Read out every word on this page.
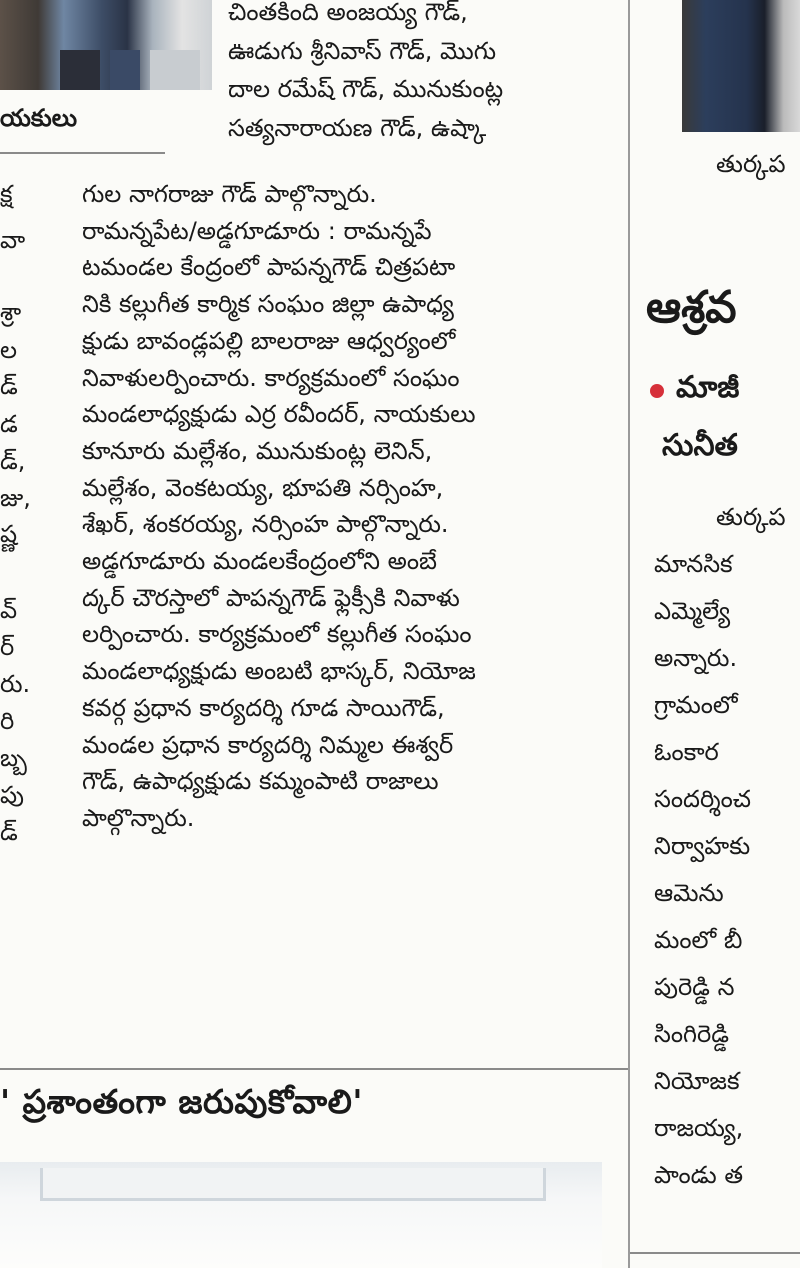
యకులు
క్ష
వా
శ్రా
ల
డ్
డ
డ్,
జు,
ష్ణ
వ్
ర్
రు.
రి
బ్బ
పు
డ్
చింతకింది అంజయ్య గౌడ్,
ఊడుగు శ్రీనివాస్ గౌడ్, మొగు
దాల రమేష్ గౌడ్, మునుకుంట్ల
సత్యనారాయణ గౌడ్, ఉష్కా
గుల నాగరాజు గౌడ్ పాల్గొన్నారు.
రామన్నపేట/అడ్డగూడూరు : రామన్నపే
టమండల కేంద్రంలో పాపన్నగౌడ్ చిత్రపటా
నికి కల్లుగీత కార్మిక సంఘం జిల్లా ఉపాధ్య
క్షుడు బావండ్లపల్లి బాలరాజు ఆధ్వర్యంలో
నివాళులర్పించారు. కార్యక్రమంలో సంఘం
మండలాధ్యక్షుడు ఎర్ర రవీందర్, నాయకులు
కూనూరు మల్లేశం, మునుకుంట్ల లెనిన్,
మల్లేశం, వెంకటయ్య, భూపతి నర్సింహ,
శేఖర్, శంకరయ్య, నర్సింహ పాల్గొన్నారు.
అడ్డగూడూరు మండలకేంద్రంలోని అంబే
ద్కర్ చౌరస్తాలో పాపన్నగౌడ్ ఫ్లెక్సీకి నివాళు
లర్పించారు. కార్యక్రమంలో కల్లుగీత సంఘం
మండలాధ్యక్షుడు అంబటి భాస్కర్, నియోజ
కవర్గ ప్రధాన కార్యదర్శి గూడ సాయిగౌడ్,
మండల ప్రధాన కార్యదర్శి నిమ్మల ఈశ్వర్
గౌడ్, ఉపాధ్యక్షుడు కమ్మంపాటి రాజాలు
పాల్గొన్నారు.
' ప్రశాంతంగా జరుపుకోవాలి'
తుర్కప
ఆశ్రవ
మాజీ
సునీత
తుర్కప
మానసిక
ఎమ్మెల్యే
అన్నారు.
గ్రామంలో
ఓంకార
సందర్శించ
నిర్వాహకు
ఆమెను
మంలో బీ
పురెడ్డి న
సింగిరెడ్డి
నియోజక
రాజయ్య,
పాండు త
